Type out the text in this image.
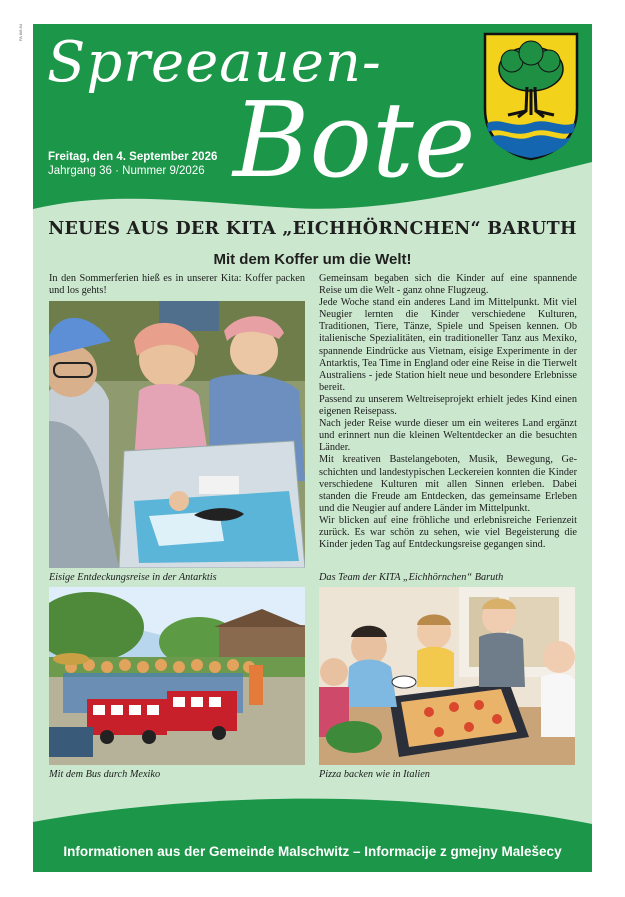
PA 8/8 84 Spreeauen-
Bote
Freitag, den 4. September 2026
Jahrgang 36 · Nummer 9/2026
NEUES AUS DER KITA „EICHHÖRNCHEN“ BARUTH
Mit dem Koffer um die Welt!

In den Sommerferien hieß es in unserer Kita: Koffer packen und los gehts!

Eisige Entdeckungsreise in der Antarktis
Mit dem Bus durch Mexiko

Gemeinsam begaben sich die Kinder auf eine spannende Reise um die Welt - ganz ohne Flugzeug.

Jede Woche stand ein anderes Land im Mittelpunkt. Mit viel Neugier lernten die Kinder verschiedene Kulturen, Traditionen, Tiere, Tänze, Spiele und Speisen kennen. Ob italienische Spezialitäten, ein traditioneller Tanz aus Mexiko, spannende Eindrücke aus Vietnam, eisige Experimente in der Antarktis, Tea Time in England oder eine Reise in die Tierwelt Australiens - jede Station hielt neue und besondere Erlebnisse bereit.

Passend zu unserem Weltreiseprojekt erhielt jedes Kind einen eigenen Reisepass.

Nach jeder Reise wurde dieser um ein weiteres Land ergänzt und erinnert nun die kleinen Weltentdecker an die besuchten Länder.

Mit kreativen Bastelangeboten, Musik, Bewegung, Geschichten und landestypischen Leckereien konnten die Kinder verschiedene Kulturen mit allen Sinnen erleben. Dabei standen die Freude am Entdecken, das gemeinsame Erleben und die Neugier auf andere Länder im Mittelpunkt.

Wir blicken auf eine fröhliche und erlebnisreiche Ferienzeit zurück. Es war schön zu sehen, wie viel Begeisterung die Kinder jeden Tag auf Entdeckungsreise gegangen sind.

Das Team der KITA „Eichhörnchen“ Baruth
Pizza backen wie in Italien
Informationen aus der Gemeinde Malschwitz – Informacije z gmejny Malešecy
